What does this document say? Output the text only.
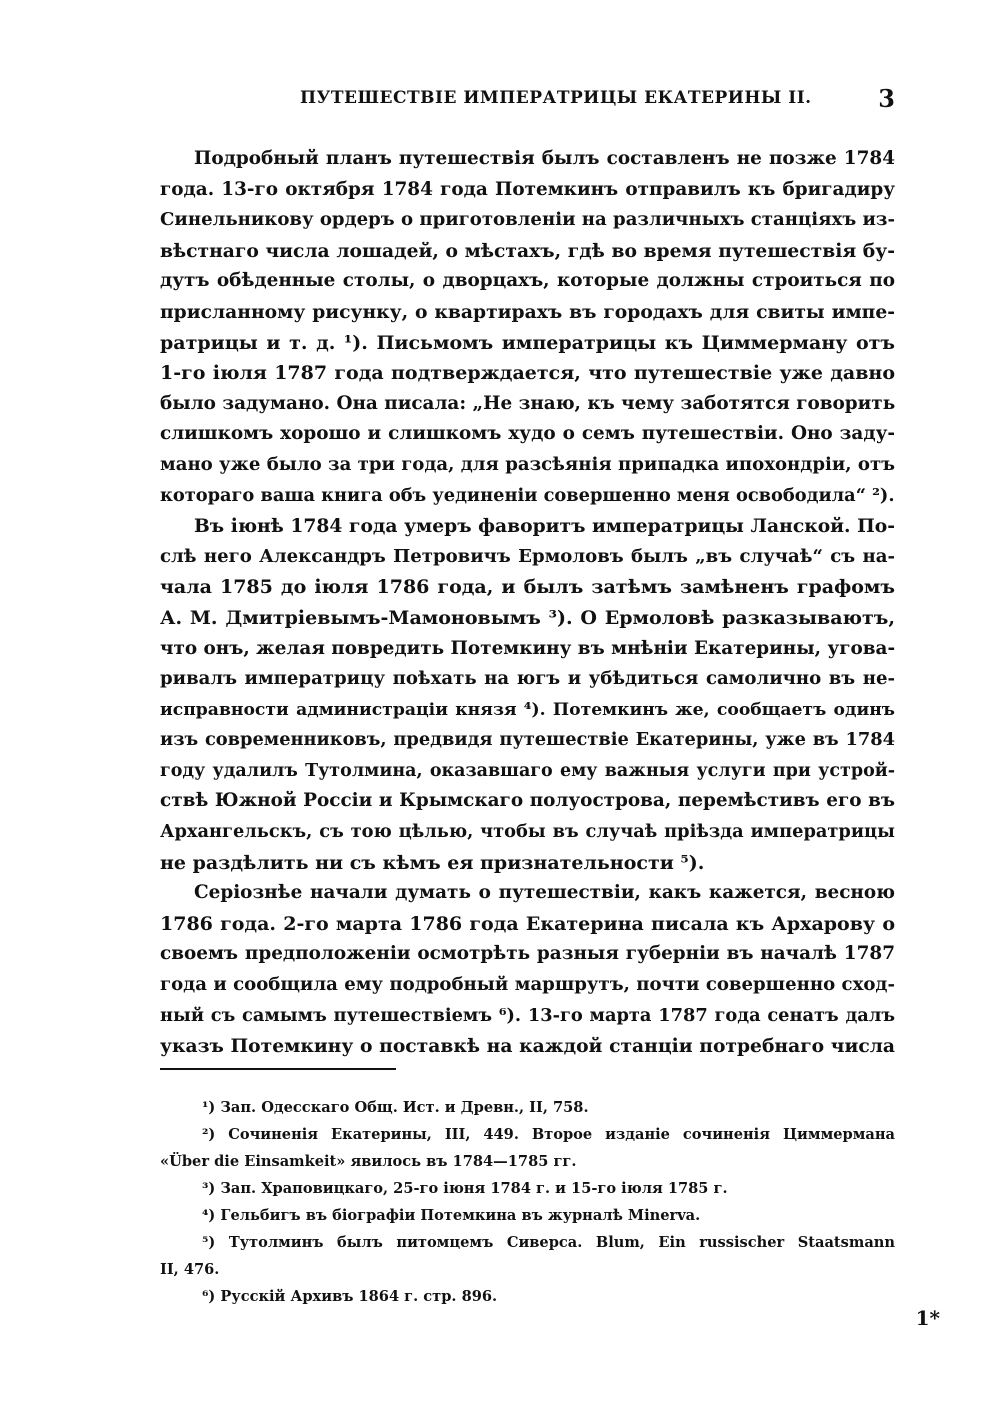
ПУТЕШЕСТВІЕ ИМПЕРАТРИЦЫ ЕКАТЕРИНЫ II.	3
Подробный планъ путешествія былъ составленъ не позже 1784
года. 13-го октября 1784 года Потемкинъ отправилъ къ бригадиру
Синельникову ордеръ о приготовленіи на различныхъ станціяхъ из-
вѣстнаго числа лошадей, о мѣстахъ, гдѣ во время путешествія бу-
дутъ обѣденные столы, о дворцахъ, которые должны строиться по
присланному рисунку, о квартирахъ въ городахъ для свиты импе-
ратрицы и т. д. ¹). Письмомъ императрицы къ Циммерману отъ
1-го іюля 1787 года подтверждается, что путешествіе уже давно
было задумано. Она писала: „Не знаю, къ чему заботятся говорить
слишкомъ хорошо и слишкомъ худо о семъ путешествіи. Оно заду-
мано уже было за три года, для разсѣянія припадка ипохондріи, отъ
котораго ваша книга объ уединеніи совершенно меня освободила“ ²).
Въ іюнѣ 1784 года умеръ фаворитъ императрицы Ланской. По-
слѣ него Александръ Петровичъ Ермоловъ былъ „въ случаѣ“ съ на-
чала 1785 до іюля 1786 года, и былъ затѣмъ замѣненъ графомъ
А. М. Дмитріевымъ-Мамоновымъ ³). О Ермоловѣ разказываютъ,
что онъ, желая повредить Потемкину въ мнѣніи Екатерины, угова-
ривалъ императрицу поѣхать на югъ и убѣдиться самолично въ не-
исправности администраціи князя ⁴). Потемкинъ же, сообщаетъ одинъ
изъ современниковъ, предвидя путешествіе Екатерины, уже въ 1784
году удалилъ Тутолмина, оказавшаго ему важныя услуги при устрой-
ствѣ Южной Россіи и Крымскаго полуострова, перемѣстивъ его въ
Архангельскъ, съ тою цѣлью, чтобы въ случаѣ пріѣзда императрицы
не раздѣлить ни съ кѣмъ ея признательности ⁵).
Серіознѣе начали думать о путешествіи, какъ кажется, весною
1786 года. 2-го марта 1786 года Екатерина писала къ Архарову о
своемъ предположеніи осмотрѣть разныя губерніи въ началѣ 1787
года и сообщила ему подробный маршрутъ, почти совершенно сход-
ный съ самымъ путешествіемъ ⁶). 13-го марта 1787 года сенатъ далъ
указъ Потемкину о поставкѣ на каждой станціи потребнаго числа
¹) Зап. Одесскаго Общ. Ист. и Древн., II, 758.
²) Сочиненія Екатерины, III, 449. Второе изданіе сочиненія Циммермана
«Über die Einsamkeit» явилось въ 1784—1785 гг.
³) Зап. Храповицкаго, 25-го іюня 1784 г. и 15-го іюля 1785 г.
⁴) Гельбигъ въ біографіи Потемкина въ журналѣ Minerva.
⁵) Тутолминъ былъ питомцемъ Сиверса. Blum, Ein russischer Staatsmann
II, 476.
⁶) Русскій Архивъ 1864 г. стр. 896.
1*
